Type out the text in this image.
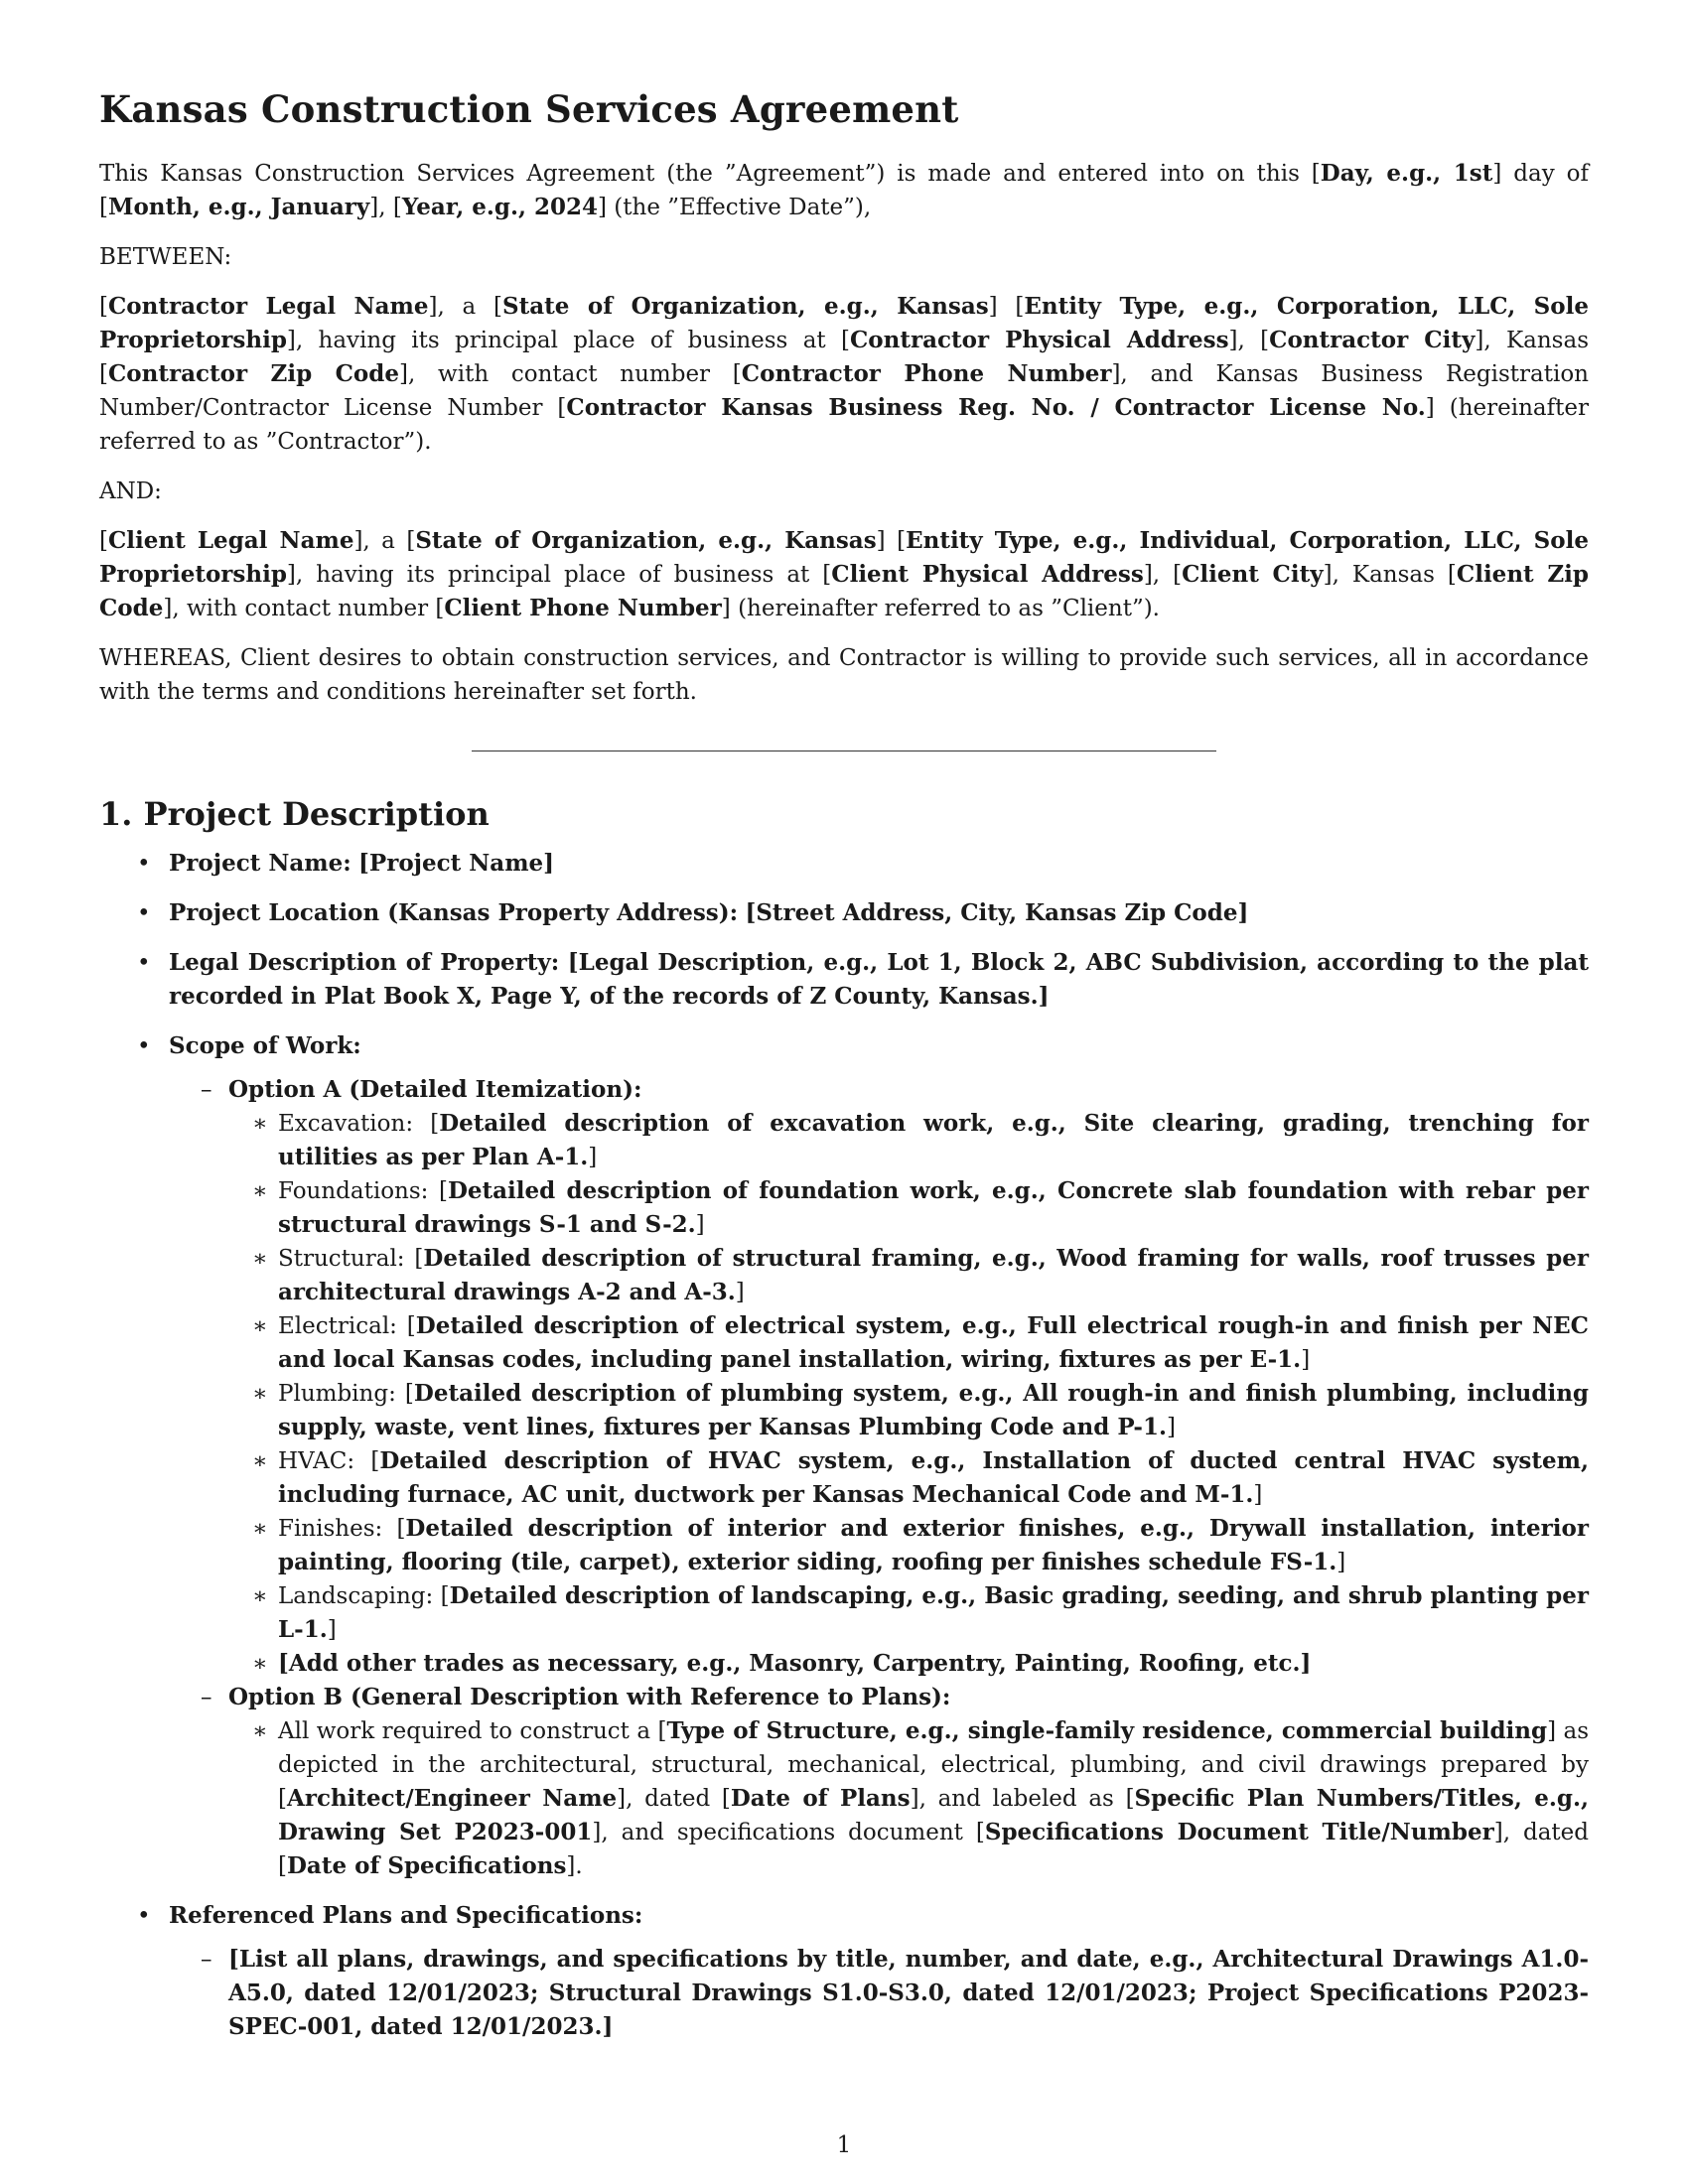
Kansas Construction Services Agreement

This Kansas Construction Services Agreement (the ”Agreement”) is made and entered into on this [Day, e.g., 1st] day of [Month, e.g., January], [Year, e.g., 2024] (the ”Effective Date”),

BETWEEN:

[Contractor Legal Name], a [State of Organization, e.g., Kansas] [Entity Type, e.g., Corporation, LLC, Sole Proprietorship], having its principal place of business at [Contractor Physical Address], [Contractor City], Kansas [Contractor Zip Code], with contact number [Contractor Phone Number], and Kansas Business Registration Number/Contractor License Number [Contractor Kansas Business Reg. No. / Contractor License No.] (hereinafter referred to as ”Contractor”).

AND:

[Client Legal Name], a [State of Organization, e.g., Kansas] [Entity Type, e.g., Individual, Corporation, LLC, Sole Proprietorship], having its principal place of business at [Client Physical Address], [Client City], Kansas [Client Zip Code], with contact number [Client Phone Number] (hereinafter referred to as ”Client”).

WHEREAS, Client desires to obtain construction services, and Contractor is willing to provide such services, all in accordance with the terms and conditions hereinafter set forth.

1. Project Description
• Project Name: [Project Name]
• Project Location (Kansas Property Address): [Street Address, City, Kansas Zip Code]
• Legal Description of Property: [Legal Description, e.g., Lot 1, Block 2, ABC Subdivision, according to the plat recorded in Plat Book X, Page Y, of the records of Z County, Kansas.]
• Scope of Work:
– Option A (Detailed Itemization):
∗ Excavation: [Detailed description of excavation work, e.g., Site clearing, grading, trenching for utilities as per Plan A-1.]
∗ Foundations: [Detailed description of foundation work, e.g., Concrete slab foundation with rebar per structural drawings S-1 and S-2.]
∗ Structural: [Detailed description of structural framing, e.g., Wood framing for walls, roof trusses per architectural drawings A-2 and A-3.]
∗ Electrical: [Detailed description of electrical system, e.g., Full electrical rough-in and finish per NEC and local Kansas codes, including panel installation, wiring, fixtures as per E-1.]
∗ Plumbing: [Detailed description of plumbing system, e.g., All rough-in and finish plumbing, including supply, waste, vent lines, fixtures per Kansas Plumbing Code and P-1.]
∗ HVAC: [Detailed description of HVAC system, e.g., Installation of ducted central HVAC system, including furnace, AC unit, ductwork per Kansas Mechanical Code and M-1.]
∗ Finishes: [Detailed description of interior and exterior finishes, e.g., Drywall installation, interior painting, flooring (tile, carpet), exterior siding, roofing per finishes schedule FS-1.]
∗ Landscaping: [Detailed description of landscaping, e.g., Basic grading, seeding, and shrub planting per L-1.]
∗ [Add other trades as necessary, e.g., Masonry, Carpentry, Painting, Roofing, etc.]
– Option B (General Description with Reference to Plans):
∗ All work required to construct a [Type of Structure, e.g., single-family residence, commercial building] as depicted in the architectural, structural, mechanical, electrical, plumbing, and civil drawings prepared by [Architect/Engineer Name], dated [Date of Plans], and labeled as [Specific Plan Numbers/Titles, e.g., Drawing Set P2023-001], and specifications document [Specifications Document Title/Number], dated [Date of Specifications].
• Referenced Plans and Specifications:
– [List all plans, drawings, and specifications by title, number, and date, e.g., Architectural Drawings A1.0-A5.0, dated 12/01/2023; Structural Drawings S1.0-S3.0, dated 12/01/2023; Project Specifications P2023-SPEC-001, dated 12/01/2023.]
1
